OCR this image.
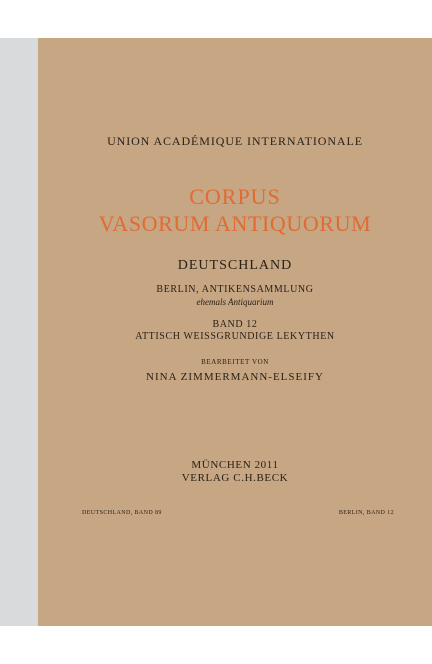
UNION ACADÉMIQUE INTERNATIONALE
CORPUS
VASORUM ANTIQUORUM
DEUTSCHLAND
BERLIN, ANTIKENSAMMLUNG
ehemals Antiquarium
BAND 12
ATTISCH WEISSGRUNDIGE LEKYTHEN
BEARBEITET VON
NINA ZIMMERMANN-ELSEIFY
MÜNCHEN 2011
VERLAG C.H.BECK
DEUTSCHLAND, BAND 89	BERLIN, BAND 12
